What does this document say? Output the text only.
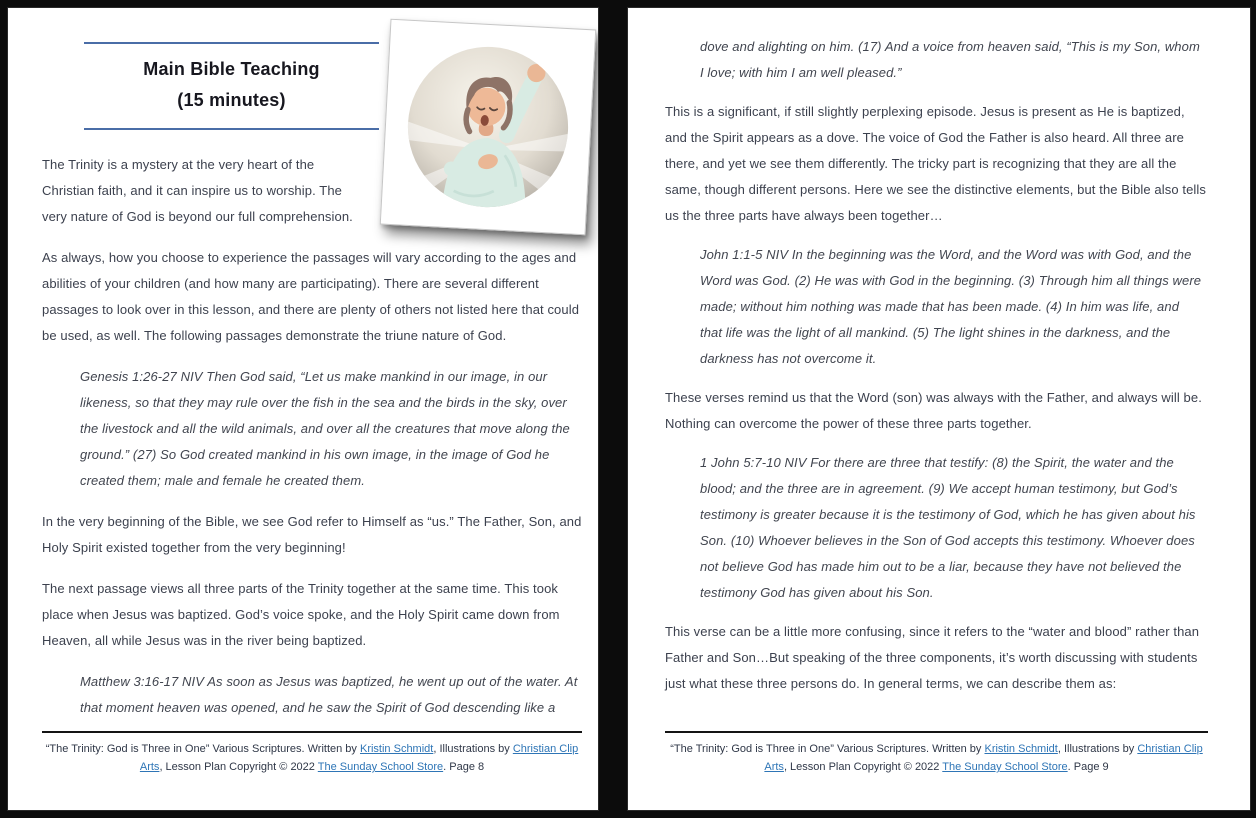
Main Bible Teaching
(15 minutes)

The Trinity is a mystery at the very heart of the Christian faith, and it can inspire us to worship. The very nature of God is beyond our full comprehension.

As always, how you choose to experience the passages will vary according to the ages and abilities of your children (and how many are participating). There are several different passages to look over in this lesson, and there are plenty of others not listed here that could be used, as well. The following passages demonstrate the triune nature of God.

Genesis 1:26-27 NIV Then God said, “Let us make mankind in our image, in our likeness, so that they may rule over the fish in the sea and the birds in the sky, over the livestock and all the wild animals, and over all the creatures that move along the ground.” (27) So God created mankind in his own image, in the image of God he created them; male and female he created them.

In the very beginning of the Bible, we see God refer to Himself as “us.” The Father, Son, and Holy Spirit existed together from the very beginning!

The next passage views all three parts of the Trinity together at the same time. This took place when Jesus was baptized. God’s voice spoke, and the Holy Spirit came down from Heaven, all while Jesus was in the river being baptized.

Matthew 3:16-17 NIV As soon as Jesus was baptized, he went up out of the water. At that moment heaven was opened, and he saw the Spirit of God descending like a

“The Trinity: God is Three in One” Various Scriptures. Written by Kristin Schmidt, Illustrations by Christian Clip Arts, Lesson Plan Copyright © 2022 The Sunday School Store. Page 8

dove and alighting on him. (17) And a voice from heaven said, “This is my Son, whom I love; with him I am well pleased.”

This is a significant, if still slightly perplexing episode. Jesus is present as He is baptized, and the Spirit appears as a dove. The voice of God the Father is also heard. All three are there, and yet we see them differently. The tricky part is recognizing that they are all the same, though different persons. Here we see the distinctive elements, but the Bible also tells us the three parts have always been together…

John 1:1-5 NIV In the beginning was the Word, and the Word was with God, and the Word was God. (2) He was with God in the beginning. (3) Through him all things were made; without him nothing was made that has been made. (4) In him was life, and that life was the light of all mankind. (5) The light shines in the darkness, and the darkness has not overcome it.

These verses remind us that the Word (son) was always with the Father, and always will be. Nothing can overcome the power of these three parts together.

1 John 5:7-10 NIV For there are three that testify: (8) the Spirit, the water and the blood; and the three are in agreement. (9) We accept human testimony, but God’s testimony is greater because it is the testimony of God, which he has given about his Son. (10) Whoever believes in the Son of God accepts this testimony. Whoever does not believe God has made him out to be a liar, because they have not believed the testimony God has given about his Son.

This verse can be a little more confusing, since it refers to the “water and blood” rather than Father and Son…But speaking of the three components, it’s worth discussing with students just what these three persons do. In general terms, we can describe them as:

“The Trinity: God is Three in One” Various Scriptures. Written by Kristin Schmidt, Illustrations by Christian Clip Arts, Lesson Plan Copyright © 2022 The Sunday School Store. Page 9
